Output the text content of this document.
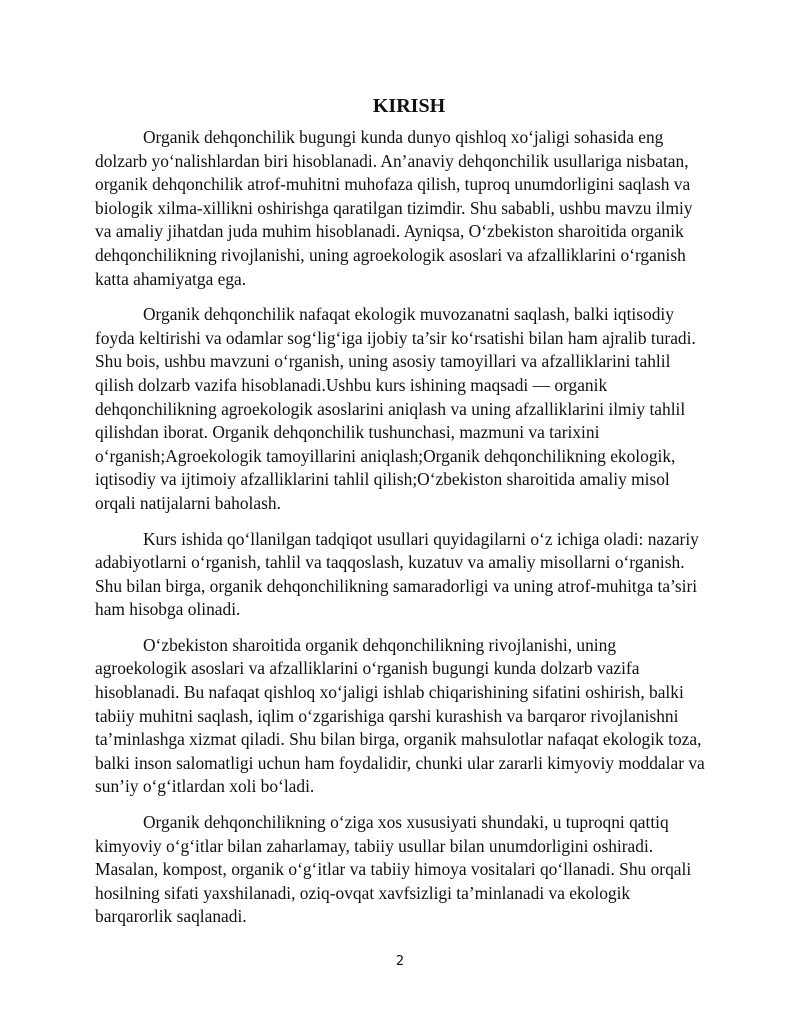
KIRISH

Organik dehqonchilik bugungi kunda dunyo qishloq xo‘jaligi sohasida eng dolzarb yo‘nalishlardan biri hisoblanadi. An’anaviy dehqonchilik usullariga nisbatan, organik dehqonchilik atrof-muhitni muhofaza qilish, tuproq unumdorligini saqlash va biologik xilma-xillikni oshirishga qaratilgan tizimdir. Shu sababli, ushbu mavzu ilmiy va amaliy jihatdan juda muhim hisoblanadi. Ayniqsa, O‘zbekiston sharoitida organik dehqonchilikning rivojlanishi, uning agroekologik asoslari va afzalliklarini o‘rganish katta ahamiyatga ega.

Organik dehqonchilik nafaqat ekologik muvozanatni saqlash, balki iqtisodiy foyda keltirishi va odamlar sog‘lig‘iga ijobiy ta’sir ko‘rsatishi bilan ham ajralib turadi. Shu bois, ushbu mavzuni o‘rganish, uning asosiy tamoyillari va afzalliklarini tahlil qilish dolzarb vazifa hisoblanadi.Ushbu kurs ishining maqsadi — organik dehqonchilikning agroekologik asoslarini aniqlash va uning afzalliklarini ilmiy tahlil qilishdan iborat. Organik dehqonchilik tushunchasi, mazmuni va tarixini o‘rganish;Agroekologik tamoyillarini aniqlash;Organik dehqonchilikning ekologik, iqtisodiy va ijtimoiy afzalliklarini tahlil qilish;O‘zbekiston sharoitida amaliy misol orqali natijalarni baholash.

Kurs ishida qo‘llanilgan tadqiqot usullari quyidagilarni o‘z ichiga oladi: nazariy adabiyotlarni o‘rganish, tahlil va taqqoslash, kuzatuv va amaliy misollarni o‘rganish. Shu bilan birga, organik dehqonchilikning samaradorligi va uning atrof-muhitga ta’siri ham hisobga olinadi.

O‘zbekiston sharoitida organik dehqonchilikning rivojlanishi, uning agroekologik asoslari va afzalliklarini o‘rganish bugungi kunda dolzarb vazifa hisoblanadi. Bu nafaqat qishloq xo‘jaligi ishlab chiqarishining sifatini oshirish, balki tabiiy muhitni saqlash, iqlim o‘zgarishiga qarshi kurashish va barqaror rivojlanishni ta’minlashga xizmat qiladi. Shu bilan birga, organik mahsulotlar nafaqat ekologik toza, balki inson salomatligi uchun ham foydalidir, chunki ular zararli kimyoviy moddalar va sun’iy o‘g‘itlardan xoli bo‘ladi.

Organik dehqonchilikning o‘ziga xos xususiyati shundaki, u tuproqni qattiq kimyoviy o‘g‘itlar bilan zaharlamay, tabiiy usullar bilan unumdorligini oshiradi. Masalan, kompost, organik o‘g‘itlar va tabiiy himoya vositalari qo‘llanadi. Shu orqali hosilning sifati yaxshilanadi, oziq-ovqat xavfsizligi ta’minlanadi va ekologik barqarorlik saqlanadi.

2
